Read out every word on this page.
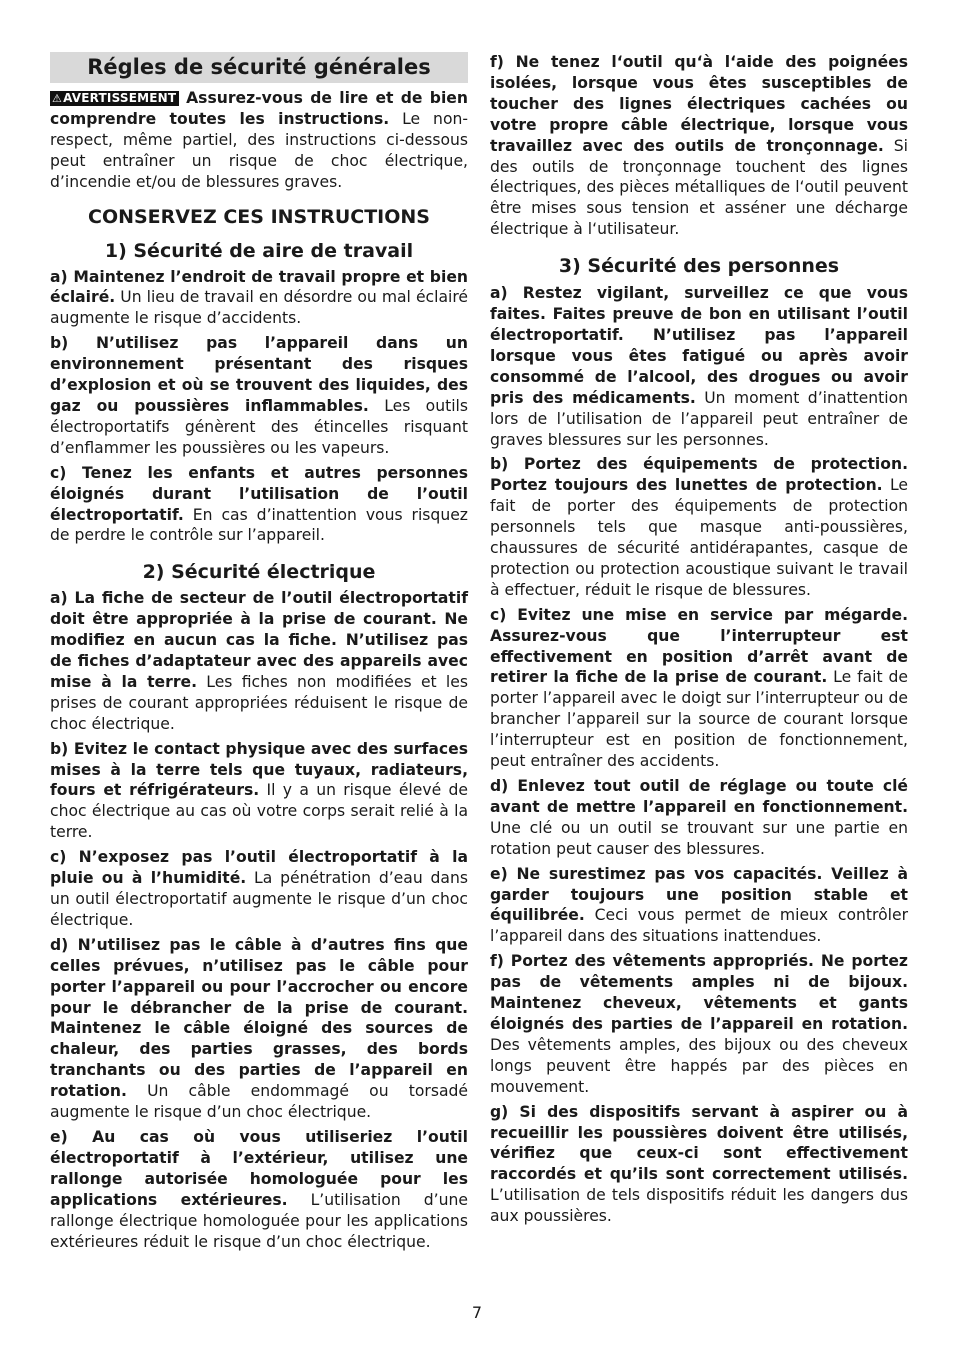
Régles de sécurité générales

⚠AVERTISSEMENT Assurez-vous de lire et de bien comprendre toutes les instructions. Le non-respect, même partiel, des instructions ci-dessous peut entraîner un risque de choc électrique, d’incendie et/ou de blessures graves.

CONSERVEZ CES INSTRUCTIONS
1) Sécurité de aire de travail

a) Maintenez l’endroit de travail propre et bien éclairé. Un lieu de travail en désordre ou mal éclairé augmente le risque d’accidents.

b) N’utilisez pas l’appareil dans un environnement présentant des risques d’explosion et où se trouvent des liquides, des gaz ou poussières inflammables. Les outils électroportatifs génèrent des étincelles risquant d’enflammer les poussières ou les vapeurs.

c) Tenez les enfants et autres personnes éloignés durant l’utilisation de l’outil électroportatif. En cas d’inattention vous risquez de perdre le contrôle sur l’appareil.

2) Sécurité électrique

a) La fiche de secteur de l’outil électroportatif doit être appropriée à la prise de courant. Ne modifiez en aucun cas la fiche. N’utilisez pas de fiches d’adaptateur avec des appareils avec mise à la terre. Les fiches non modifiées et les prises de courant appropriées réduisent le risque de choc électrique.

b) Evitez le contact physique avec des surfaces mises à la terre tels que tuyaux, radiateurs, fours et réfrigérateurs. Il y a un risque élevé de choc électrique au cas où votre corps serait relié à la terre.

c) N’exposez pas l’outil électroportatif à la pluie ou à l’humidité. La pénétration d’eau dans un outil électroportatif augmente le risque d’un choc électrique.

d) N’utilisez pas le câble à d’autres fins que celles prévues, n’utilisez pas le câble pour porter l’appareil ou pour l’accrocher ou encore pour le débrancher de la prise de courant. Maintenez le câble éloigné des sources de chaleur, des parties grasses, des bords tranchants ou des parties de l’appareil en rotation. Un câble endommagé ou torsadé augmente le risque d’un choc électrique.

e) Au cas où vous utiliseriez l’outil électroportatif à l’extérieur, utilisez une rallonge autorisée homologuée pour les applications extérieures. L’utilisation d’une rallonge électrique homologuée pour les applications extérieures réduit le risque d’un choc électrique.

f) Ne tenez l‘outil qu‘à l‘aide des poignées isolées, lorsque vous êtes susceptibles de toucher des lignes électriques cachées ou votre propre câble électrique, lorsque vous travaillez avec des outils de tronçonnage. Si des outils de tronçonnage touchent des lignes électriques, des pièces métalliques de l‘outil peuvent être mises sous tension et asséner une décharge électrique à l‘utilisateur.

3) Sécurité des personnes

a) Restez vigilant, surveillez ce que vous faites. Faites preuve de bon en utilisant l’outil électroportatif. N’utilisez pas l’appareil lorsque vous êtes fatigué ou après avoir consommé de l’alcool, des drogues ou avoir pris des médicaments. Un moment d’inattention lors de l’utilisation de l’appareil peut entraîner de graves blessures sur les personnes.

b) Portez des équipements de protection. Portez toujours des lunettes de protection. Le fait de porter des équipements de protection personnels tels que masque anti-poussières, chaussures de sécurité antidérapantes, casque de protection ou protection acoustique suivant le travail à effectuer, réduit le risque de blessures.

c) Evitez une mise en service par mégarde. Assurez-vous que l’interrupteur est effectivement en position d’arrêt avant de retirer la fiche de la prise de courant. Le fait de porter l’appareil avec le doigt sur l’interrupteur ou de brancher l’appareil sur la source de courant lorsque l’interrupteur est en position de fonctionnement, peut entraîner des accidents.

d) Enlevez tout outil de réglage ou toute clé avant de mettre l’appareil en fonctionnement. Une clé ou un outil se trouvant sur une partie en rotation peut causer des blessures.

e) Ne surestimez pas vos capacités. Veillez à garder toujours une position stable et équilibrée. Ceci vous permet de mieux contrôler l’appareil dans des situations inattendues.

f) Portez des vêtements appropriés. Ne portez pas de vêtements amples ni de bijoux. Maintenez cheveux, vêtements et gants éloignés des parties de l’appareil en rotation. Des vêtements amples, des bijoux ou des cheveux longs peuvent être happés par des pièces en mouvement.

g) Si des dispositifs servant à aspirer ou à recueillir les poussières doivent être utilisés, vérifiez que ceux-ci sont effectivement raccordés et qu’ils sont correctement utilisés. L’utilisation de tels dispositifs réduit les dangers dus aux poussières.

7
